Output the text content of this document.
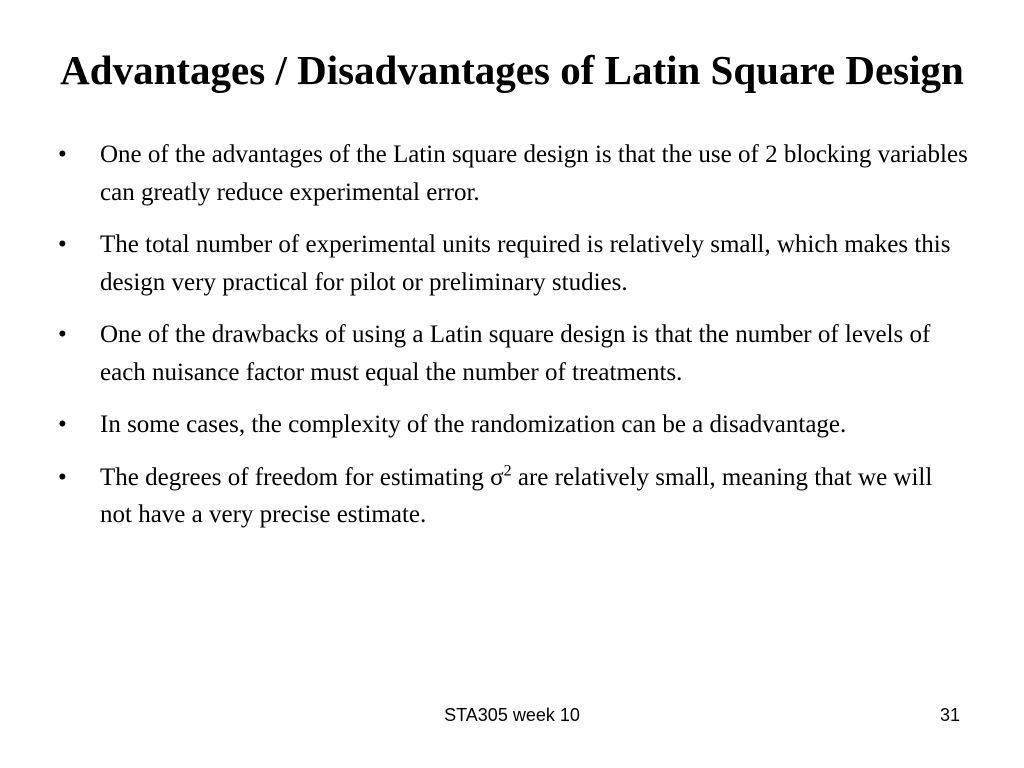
Advantages / Disadvantages of Latin Square Design
• One of the advantages of the Latin square design is that the use of 2 blocking variables can greatly reduce experimental error.
• The total number of experimental units required is relatively small, which makes this design very practical for pilot or preliminary studies.
• One of the drawbacks of using a Latin square design is that the number of levels of each nuisance factor must equal the number of treatments.
• In some cases, the complexity of the randomization can be a disadvantage.
• The degrees of freedom for estimating $\sigma^2$ are relatively small, meaning that we will not have a very precise estimate.
STA305 week 10	31
